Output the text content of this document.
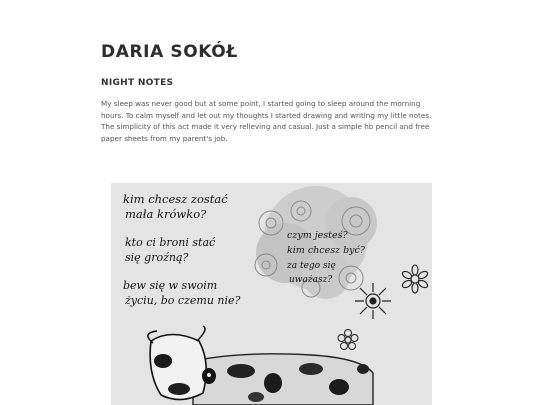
DARIA SOKÓŁ
NIGHT NOTES

My sleep was never good but at some point, I started going to sleep around the morning hours. To calm myself and let out my thoughts I started drawing and writing my little notes. The simplicity of this act made it very relieving and casual. Just a simple hb pencil and free paper sheets from my parent's job.

kim chcesz zostać
mała krówko?
kto ci broni stać
się groźną?
bew się w swoim
życiu, bo czemu nie?
czym jesteś?
kim chcesz być?
za tego się
uważasz?
